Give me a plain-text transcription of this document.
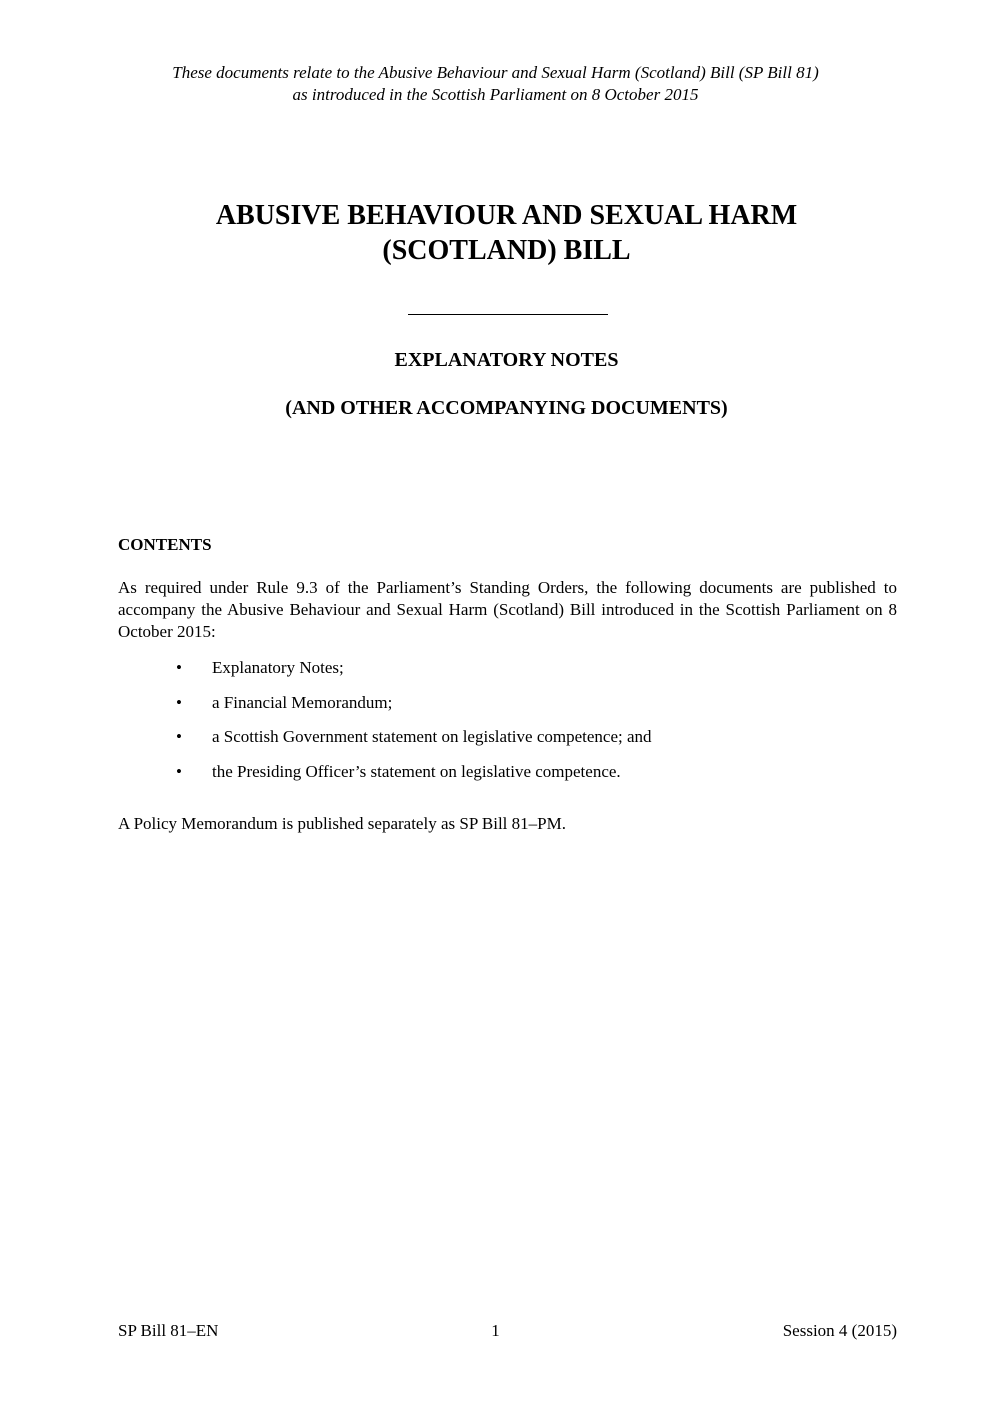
These documents relate to the Abusive Behaviour and Sexual Harm (Scotland) Bill (SP Bill 81)
as introduced in the Scottish Parliament on 8 October 2015
ABUSIVE BEHAVIOUR AND SEXUAL HARM
(SCOTLAND) BILL
EXPLANATORY NOTES
(AND OTHER ACCOMPANYING DOCUMENTS)
CONTENTS
As required under Rule 9.3 of the Parliament’s Standing Orders, the following documents are published to accompany the Abusive Behaviour and Sexual Harm (Scotland) Bill introduced in the Scottish Parliament on 8 October 2015:
• Explanatory Notes;
• a Financial Memorandum;
• a Scottish Government statement on legislative competence; and
• the Presiding Officer’s statement on legislative competence.
A Policy Memorandum is published separately as SP Bill 81–PM.
SP Bill 81–EN	1	Session 4 (2015)
